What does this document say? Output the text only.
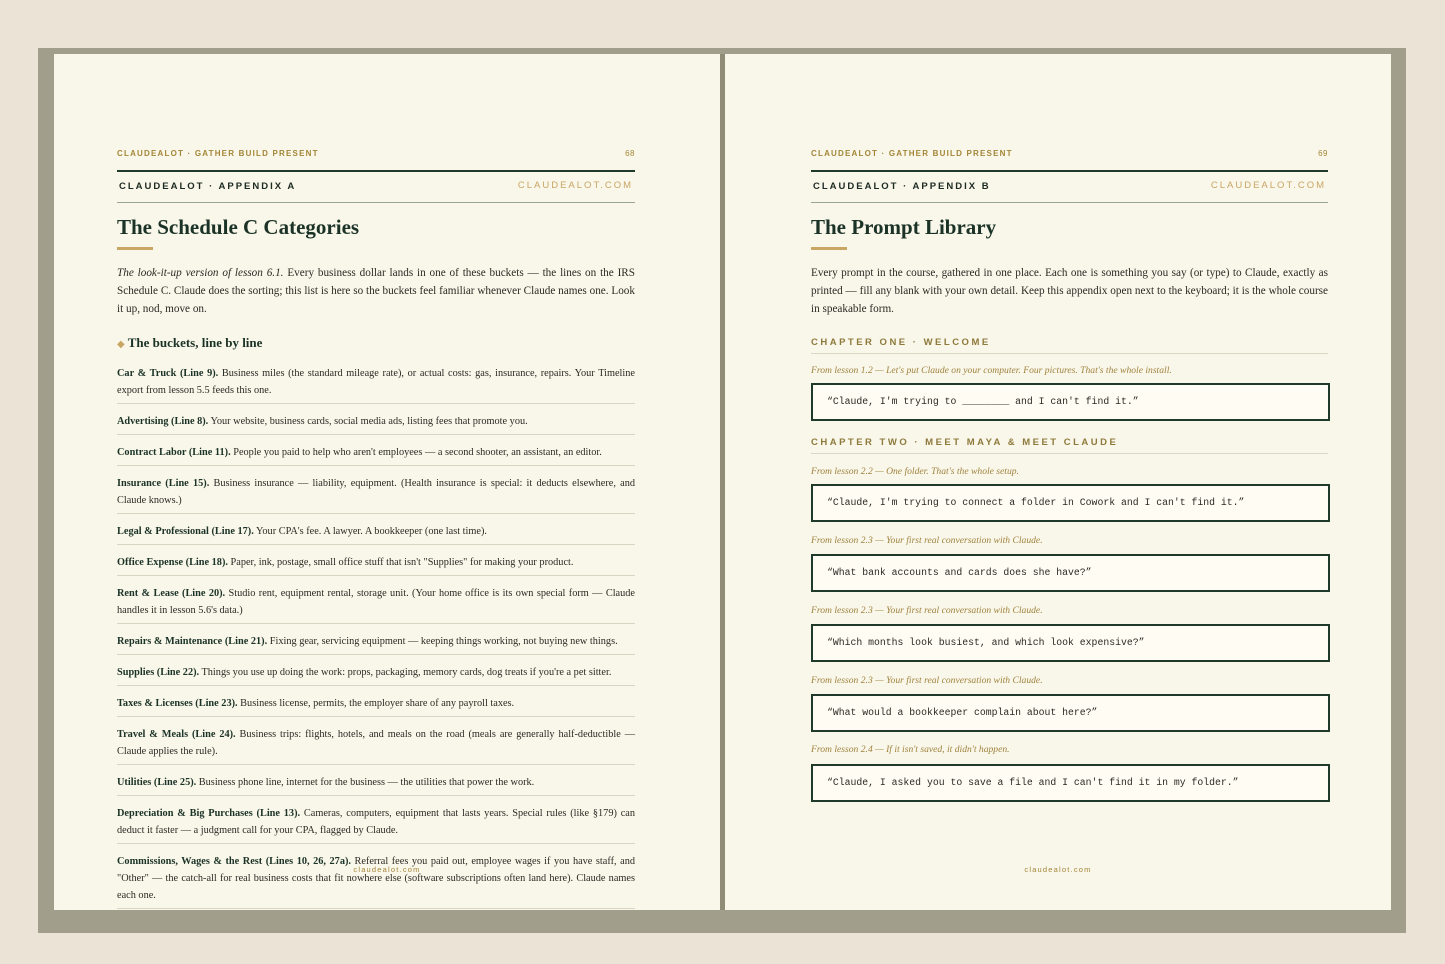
CLAUDEALOT · GATHER BUILD PRESENT	68
CLAUDEALOT · APPENDIX A	CLAUDEALOT.COM
The Schedule C Categories
The look-it-up version of lesson 6.1. Every business dollar lands in one of these buckets — the lines on the IRS Schedule C. Claude does the sorting; this list is here so the buckets feel familiar whenever Claude names one. Look it up, nod, move on.
◆ The buckets, line by line
Car & Truck (Line 9). Business miles (the standard mileage rate), or actual costs: gas, insurance, repairs. Your Timeline export from lesson 5.5 feeds this one.
Advertising (Line 8). Your website, business cards, social media ads, listing fees that promote you.
Contract Labor (Line 11). People you paid to help who aren't employees — a second shooter, an assistant, an editor.
Insurance (Line 15). Business insurance — liability, equipment. (Health insurance is special: it deducts elsewhere, and Claude knows.)
Legal & Professional (Line 17). Your CPA's fee. A lawyer. A bookkeeper (one last time).
Office Expense (Line 18). Paper, ink, postage, small office stuff that isn't "Supplies" for making your product.
Rent & Lease (Line 20). Studio rent, equipment rental, storage unit. (Your home office is its own special form — Claude handles it in lesson 5.6's data.)
Repairs & Maintenance (Line 21). Fixing gear, servicing equipment — keeping things working, not buying new things.
Supplies (Line 22). Things you use up doing the work: props, packaging, memory cards, dog treats if you're a pet sitter.
Taxes & Licenses (Line 23). Business license, permits, the employer share of any payroll taxes.
Travel & Meals (Line 24). Business trips: flights, hotels, and meals on the road (meals are generally half-deductible — Claude applies the rule).
Utilities (Line 25). Business phone line, internet for the business — the utilities that power the work.
Depreciation & Big Purchases (Line 13). Cameras, computers, equipment that lasts years. Special rules (like §179) can deduct it faster — a judgment call for your CPA, flagged by Claude.
Commissions, Wages & the Rest (Lines 10, 26, 27a). Referral fees you paid out, employee wages if you have staff, and "Other" — the catch-all for real business costs that fit nowhere else (software subscriptions often land here). Claude names each one.
claudealot.com
CLAUDEALOT · GATHER BUILD PRESENT	69
CLAUDEALOT · APPENDIX B	CLAUDEALOT.COM
The Prompt Library
Every prompt in the course, gathered in one place. Each one is something you say (or type) to Claude, exactly as printed — fill any blank with your own detail. Keep this appendix open next to the keyboard; it is the whole course in speakable form.
CHAPTER ONE · WELCOME
From lesson 1.2 — Let's put Claude on your computer. Four pictures. That's the whole install.
“Claude, I'm trying to ________ and I can't find it.”
CHAPTER TWO · MEET MAYA & MEET CLAUDE
From lesson 2.2 — One folder. That's the whole setup.
“Claude, I'm trying to connect a folder in Cowork and I can't find it.”
From lesson 2.3 — Your first real conversation with Claude.
“What bank accounts and cards does she have?”
From lesson 2.3 — Your first real conversation with Claude.
“Which months look busiest, and which look expensive?”
From lesson 2.3 — Your first real conversation with Claude.
“What would a bookkeeper complain about here?”
From lesson 2.4 — If it isn't saved, it didn't happen.
“Claude, I asked you to save a file and I can't find it in my folder.”
claudealot.com
